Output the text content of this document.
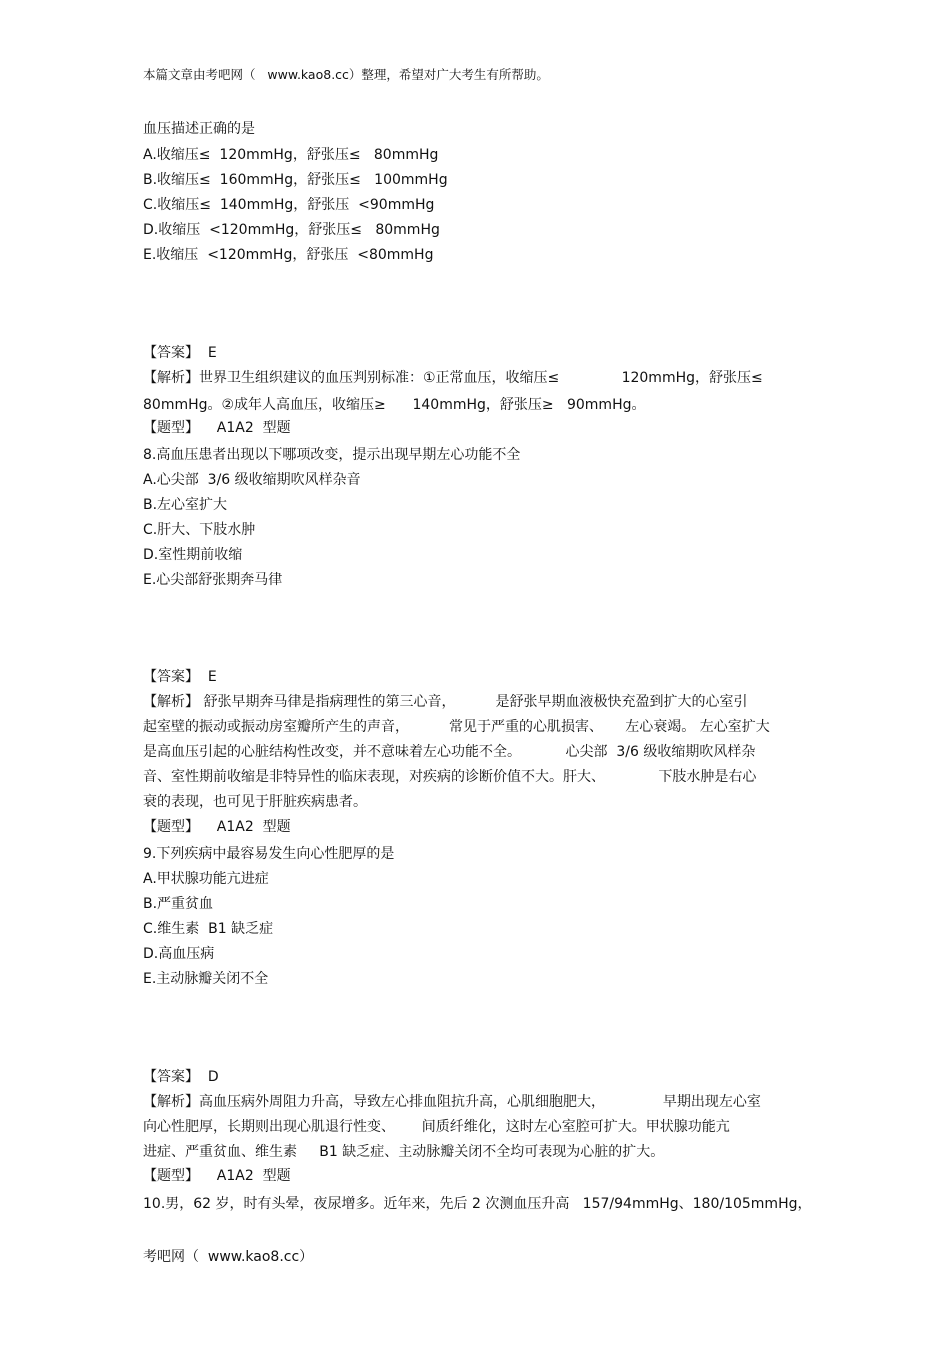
本篇文章由考吧网（   www.kao8.cc）整理，希望对广大考生有所帮助。
血压描述正确的是
A.收缩压≤  120mmHg，舒张压≤   80mmHg
B.收缩压≤  160mmHg，舒张压≤   100mmHg
C.收缩压≤  140mmHg，舒张压  <90mmHg
D.收缩压  <120mmHg，舒张压≤   80mmHg
E.收缩压  <120mmHg，舒张压  <80mmHg
【答案】  E
【解析】世界卫生组织建议的血压判别标准：①正常血压，收缩压≤              120mmHg，舒张压≤
80mmHg。②成年人高血压，收缩压≥      140mmHg，舒张压≥   90mmHg。
【题型】    A1A2  型题
8.高血压患者出现以下哪项改变，提示出现早期左心功能不全
A.心尖部  3/6 级收缩期吹风样杂音
B.左心室扩大
C.肝大、下肢水肿
D.室性期前收缩
E.心尖部舒张期奔马律
【答案】  E
【解析】 舒张早期奔马律是指病理性的第三心音，         是舒张早期血液极快充盈到扩大的心室引
起室壁的振动或振动房室瓣所产生的声音，         常见于严重的心肌损害、     左心衰竭。 左心室扩大
是高血压引起的心脏结构性改变，并不意味着左心功能不全。          心尖部  3/6 级收缩期吹风样杂
音、室性期前收缩是非特异性的临床表现，对疾病的诊断价值不大。肝大、            下肢水肿是右心
衰的表现，也可见于肝脏疾病患者。
【题型】    A1A2  型题
9.下列疾病中最容易发生向心性肥厚的是
A.甲状腺功能亢进症
B.严重贫血
C.维生素  B1 缺乏症
D.高血压病
E.主动脉瓣关闭不全
【答案】  D
【解析】高血压病外周阻力升高，导致左心排血阻抗升高，心肌细胞肥大，             早期出现左心室
向心性肥厚，长期则出现心肌退行性变、      间质纤维化，这时左心室腔可扩大。甲状腺功能亢
进症、严重贫血、维生素     B1 缺乏症、主动脉瓣关闭不全均可表现为心脏的扩大。
【题型】    A1A2  型题
10.男，62 岁，时有头晕，夜尿增多。近年来，先后 2 次测血压升高   157/94mmHg、180/105mmHg，
考吧网（  www.kao8.cc）
